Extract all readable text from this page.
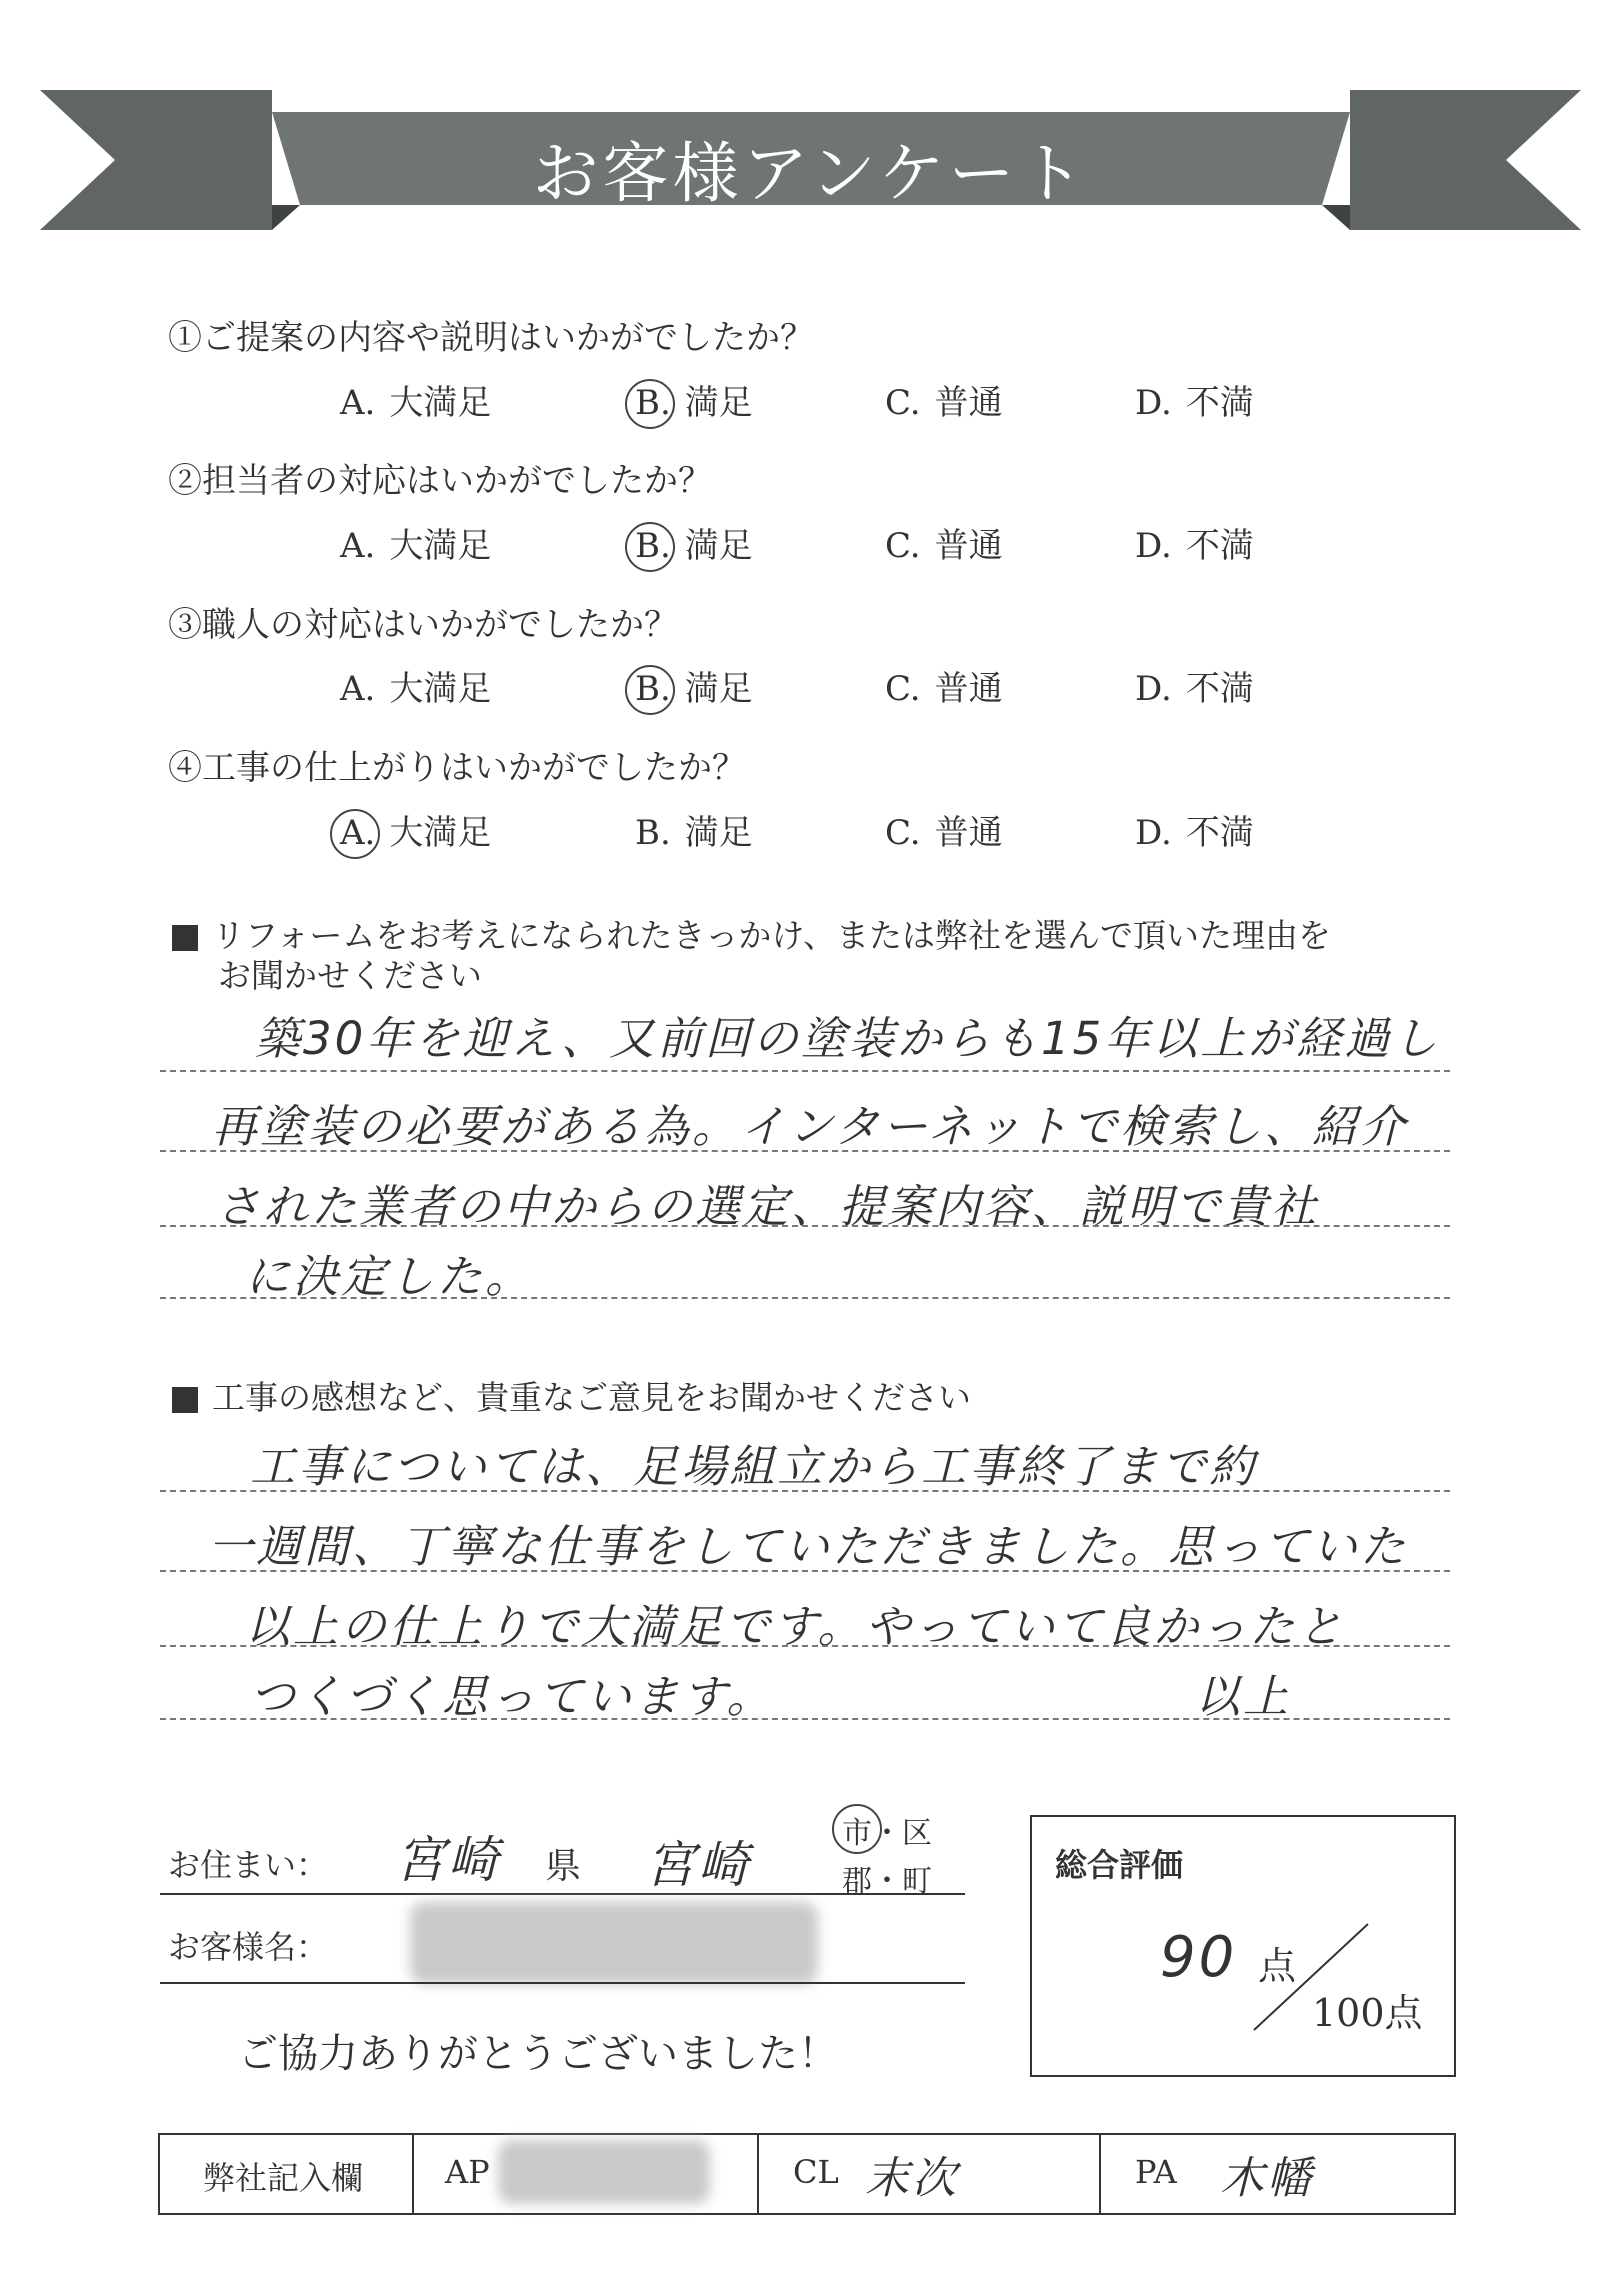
お客様アンケート
①ご提案の内容や説明はいかがでしたか？
②担当者の対応はいかがでしたか？
③職人の対応はいかがでしたか？
④工事の仕上がりはいかがでしたか？
A. 大満足	B. 満足	C. 普通	D. 不満
A. 大満足	B. 満足	C. 普通	D. 不満
A. 大満足	B. 満足	C. 普通	D. 不満
A. 大満足	B. 満足	C. 普通	D. 不満
リフォームをお考えになられたきっかけ、または弊社を選んで頂いた理由を
お聞かせください
築30年を迎え、又前回の塗装からも15年以上が経過し
再塗装の必要がある為。インターネットで検索し、紹介
された業者の中からの選定、提案内容、説明で貴社
に決定した。
工事の感想など、貴重なご意見をお聞かせください
工事については、足場組立から工事終了まで約
一週間、丁寧な仕事をしていただきました。思っていた
以上の仕上りで大満足です。やっていて良かったと
つくづく思っています。	以上
お住まい： 宮崎 県 宮崎
市・区
郡・町
お客様名：
ご協力ありがとうございました！
総合評価
90 点
100点
弊社記入欄	AP	CL 末次	PA 木幡
